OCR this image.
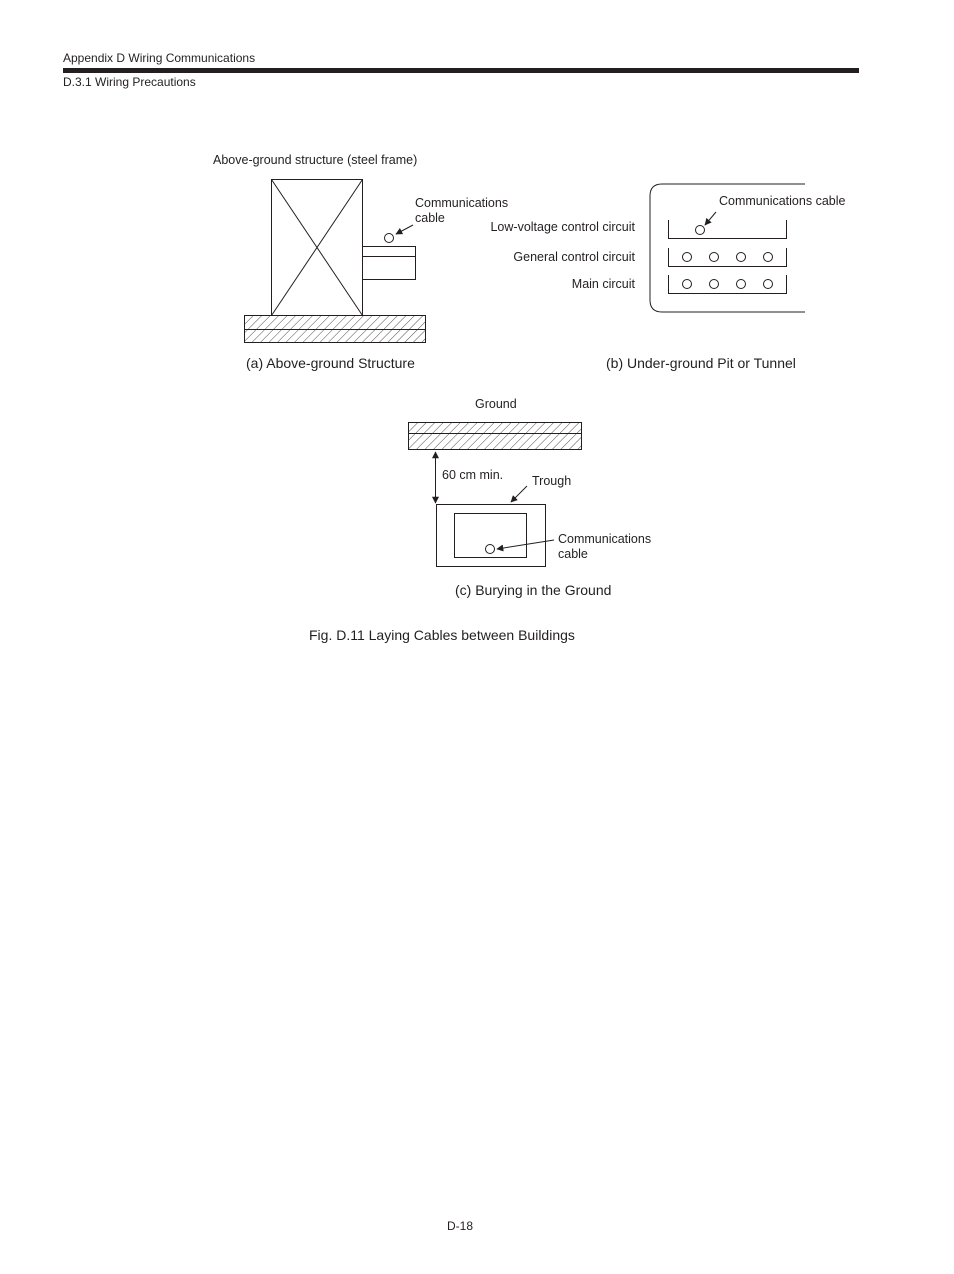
Appendix D Wiring Communications
D.3.1 Wiring Precautions
Above-ground structure (steel frame)
Communications
cable
(a) Above-ground Structure
Communications cable
Low-voltage control circuit
General control circuit
Main circuit
(b) Under-ground Pit or Tunnel
Ground
60 cm min. Trough
Communications
cable
(c) Burying in the Ground
Fig. D.11 Laying Cables between Buildings
D-18
